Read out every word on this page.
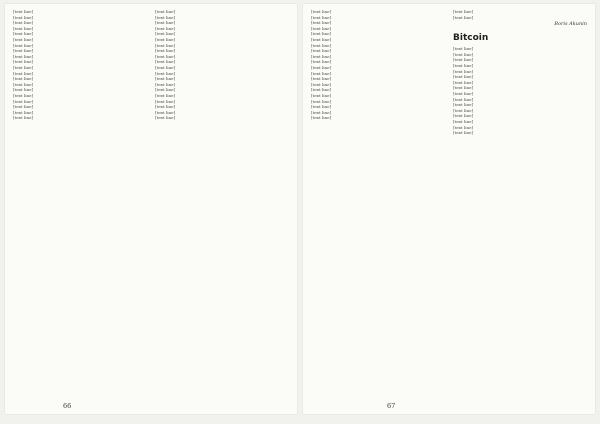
[text line]
[text line]
[text line]
[text line]
[text line]
[text line]
[text line]
[text line]
[text line]
[text line]
[text line]
[text line]
[text line]
[text line]
[text line]
[text line]
[text line]
[text line]
[text line]
[text line]
[text line]
[text line]
[text line]
[text line]
[text line]
[text line]
[text line]
[text line]
[text line]
[text line]
[text line]
[text line]
[text line]
[text line]
[text line]
[text line]
[text line]
[text line]
[text line]
[text line]
66
[text line]
[text line]
[text line]
[text line]
[text line]
[text line]
[text line]
[text line]
[text line]
[text line]
[text line]
[text line]
[text line]
[text line]
[text line]
[text line]
[text line]
[text line]
[text line]
[text line]
[text line]
[text line]
Boris Akunin
Bitcoin
[text line]
[text line]
[text line]
[text line]
[text line]
[text line]
[text line]
[text line]
[text line]
[text line]
[text line]
[text line]
[text line]
[text line]
[text line]
[text line]
67
